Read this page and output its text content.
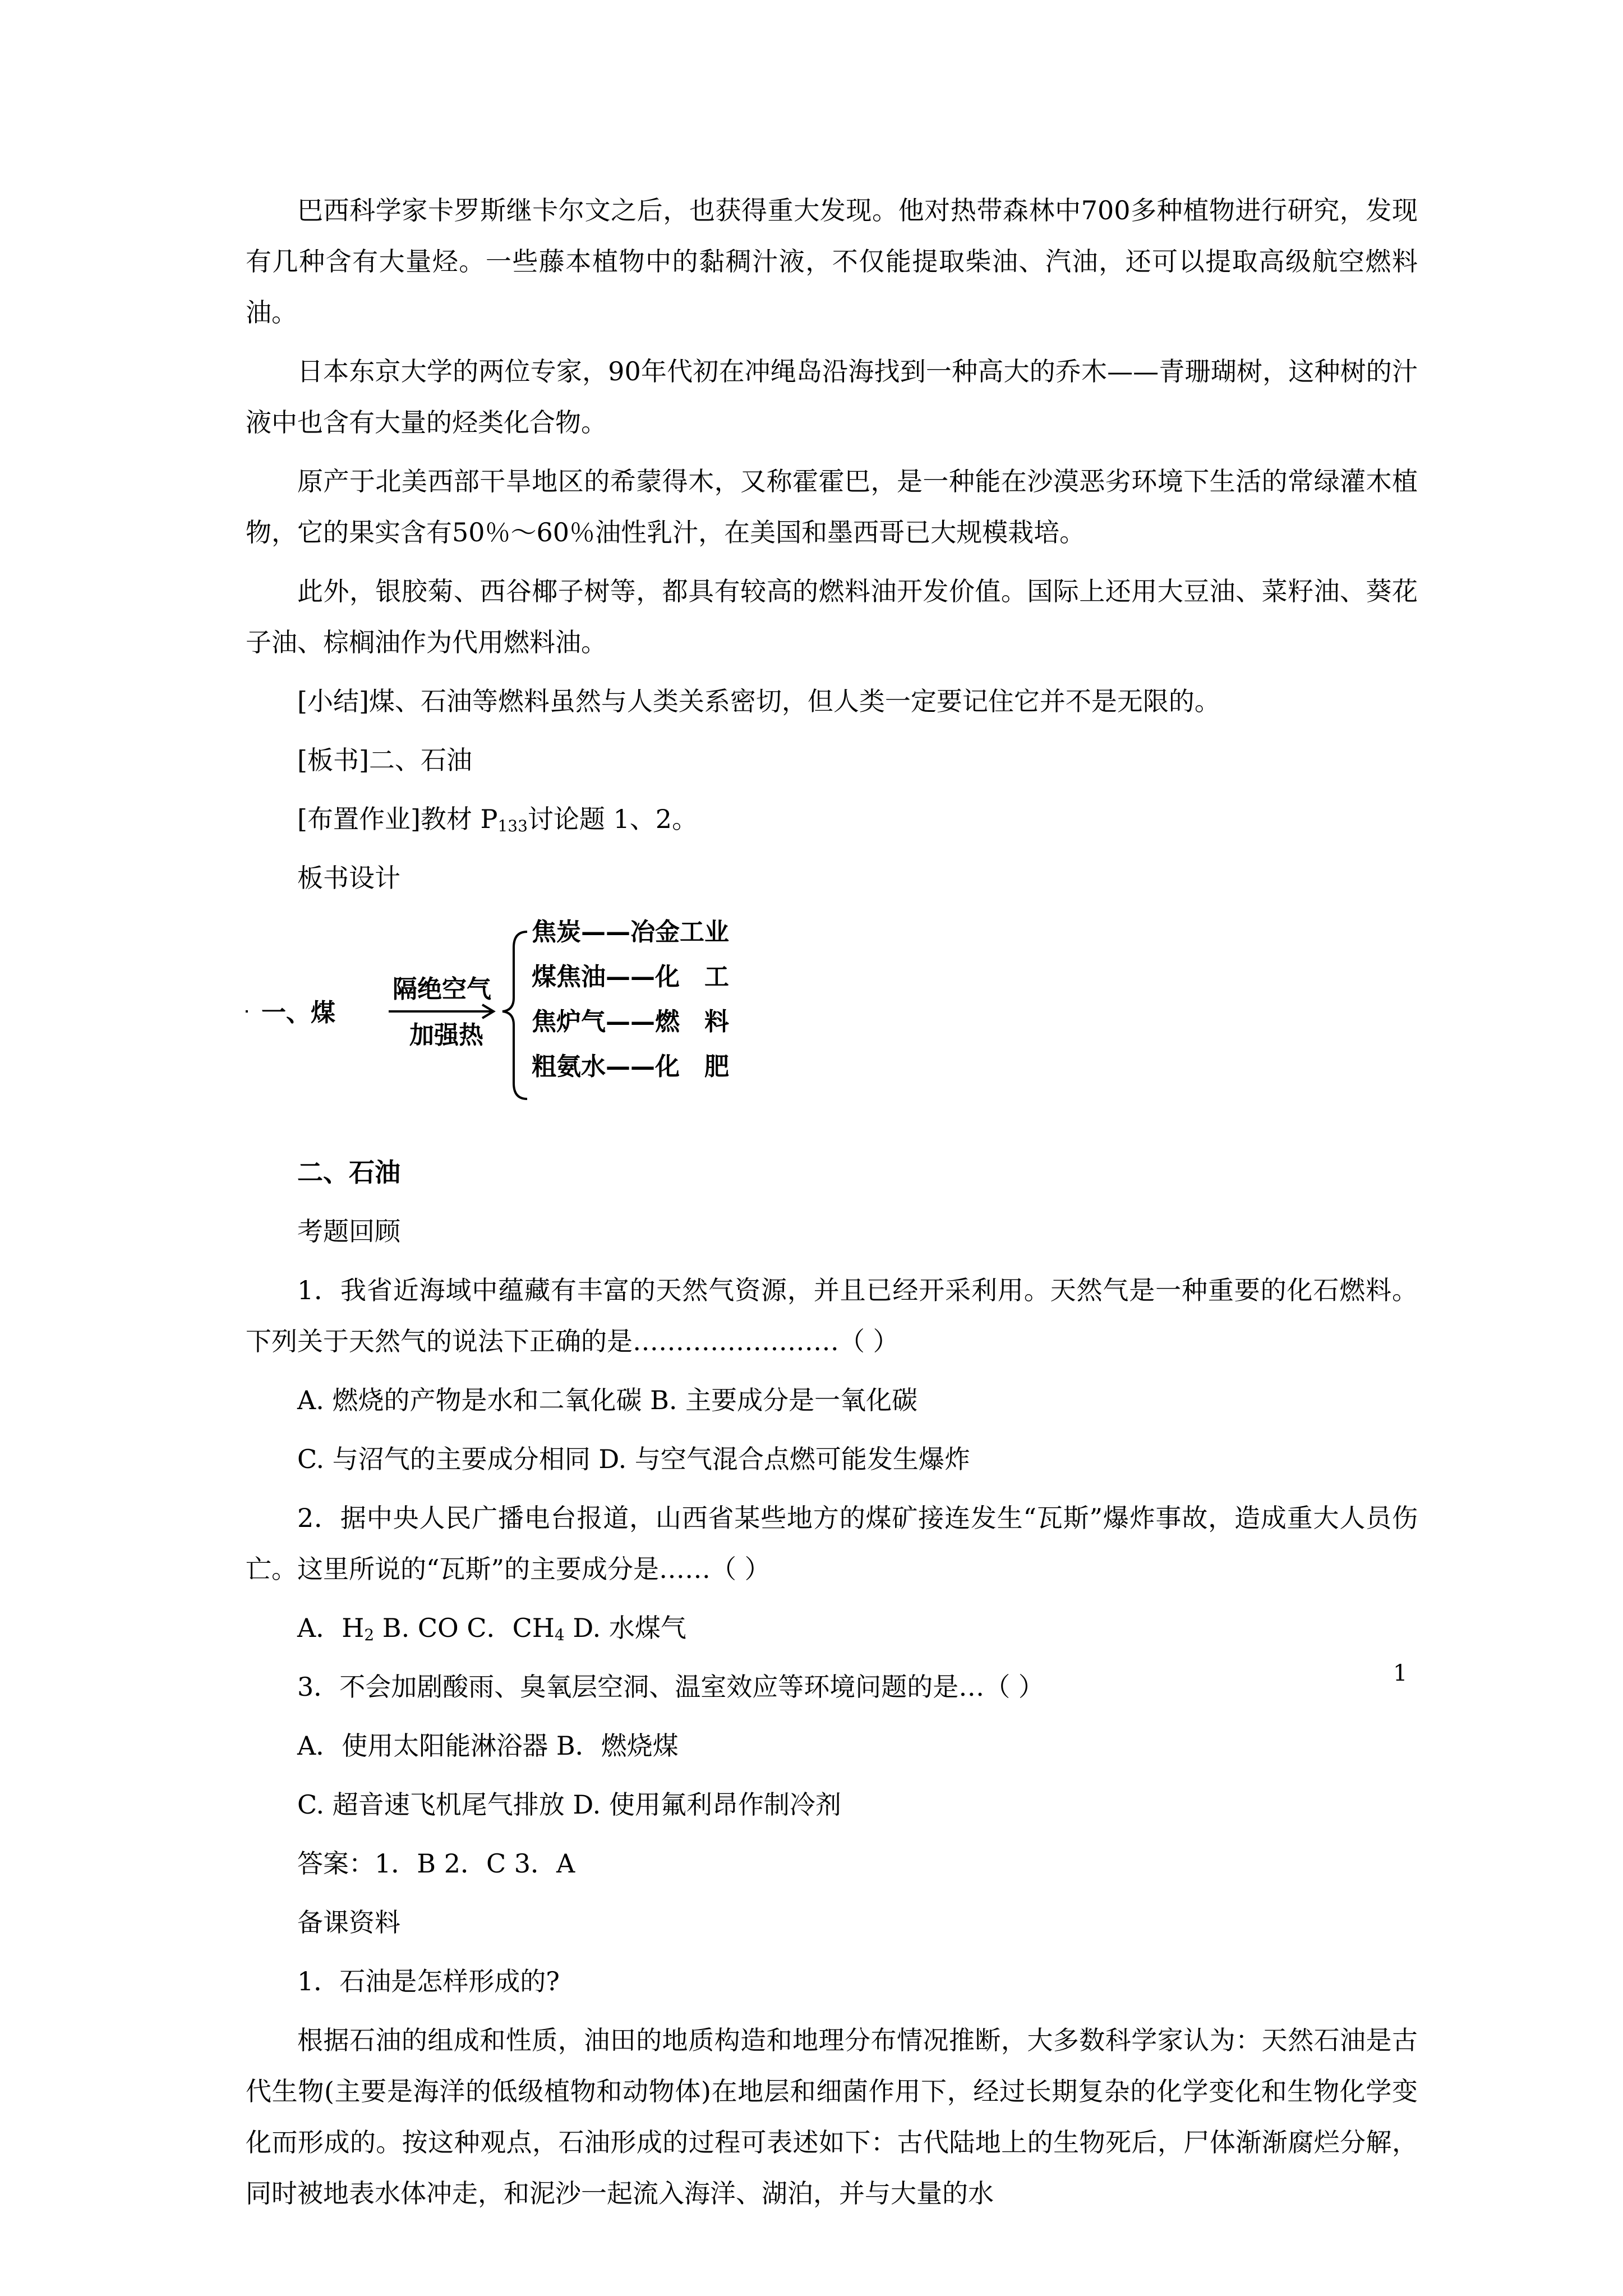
巴西科学家卡罗斯继卡尔文之后，也获得重大发现。他对热带森林中700多种植物进行研究，发现有几种含有大量烃。一些藤本植物中的黏稠汁液，不仅能提取柴油、汽油，还可以提取高级航空燃料油。

日本东京大学的两位专家，90年代初在冲绳岛沿海找到一种高大的乔木——青珊瑚树，这种树的汁液中也含有大量的烃类化合物。

原产于北美西部干旱地区的希蒙得木，又称霍霍巴，是一种能在沙漠恶劣环境下生活的常绿灌木植物，它的果实含有50％～60％油性乳汁，在美国和墨西哥已大规模栽培。

此外，银胶菊、西谷椰子树等，都具有较高的燃料油开发价值。国际上还用大豆油、菜籽油、葵花子油、棕榈油作为代用燃料油。

[小结]煤、石油等燃料虽然与人类关系密切，但人类一定要记住它并不是无限的。

[板书]二、石油

[布置作业]教材 $P_{133}$讨论题 1、2。

板书设计

一、煤
隔绝空气
加强热
焦炭——冶金工业
煤焦油——化　工
焦炉气——燃　料
粗氨水——化　肥

二、石油

考题回顾

1．我省近海域中蕴藏有丰富的天然气资源，并且已经开采利用。天然气是一种重要的化石燃料。下列关于天然气的说法下正确的是……………………（ ）

A. 燃烧的产物是水和二氧化碳 B. 主要成分是一氧化碳

C. 与沼气的主要成分相同 D. 与空气混合点燃可能发生爆炸

2．据中央人民广播电台报道，山西省某些地方的煤矿接连发生“瓦斯”爆炸事故，造成重大人员伤亡。这里所说的“瓦斯”的主要成分是……（ ）

A．$H_2$ B. CO C．$CH_4$ D. 水煤气

3．不会加剧酸雨、臭氧层空洞、温室效应等环境问题的是…（ ）

A．使用太阳能淋浴器 B．燃烧煤

C. 超音速飞机尾气排放 D. 使用氟利昂作制冷剂

答案：1．B 2．C 3．A

备课资料

1．石油是怎样形成的?

根据石油的组成和性质，油田的地质构造和地理分布情况推断，大多数科学家认为：天然石油是古代生物(主要是海洋的低级植物和动物体)在地层和细菌作用下，经过长期复杂的化学变化和生物化学变化而形成的。按这种观点，石油形成的过程可表述如下：古代陆地上的生物死后，尸体渐渐腐烂分解，同时被地表水体冲走，和泥沙一起流入海洋、湖泊，并与大量的水

1
